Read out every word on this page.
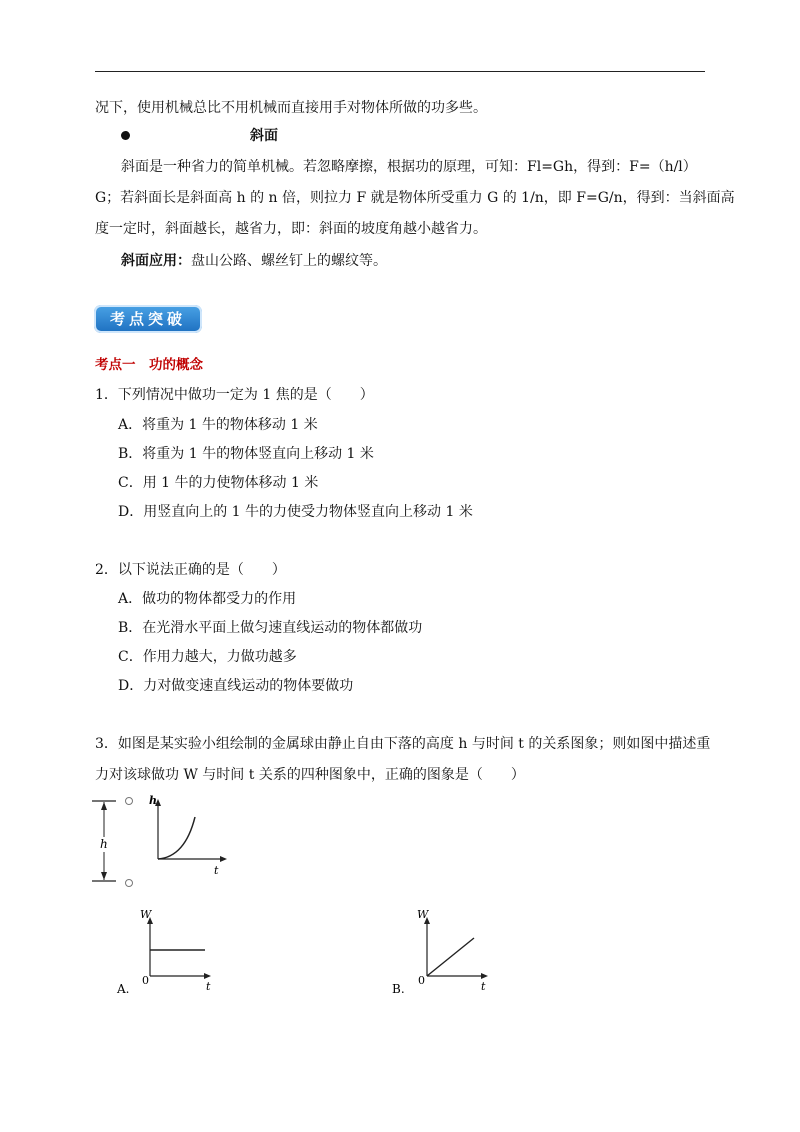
况下，使用机械总比不用机械而直接用手对物体所做的功多些。
斜面
斜面是一种省力的简单机械。若忽略摩擦，根据功的原理，可知：Fl=Gh，得到：F=（h/l）
G；若斜面长是斜面高 h 的 n 倍，则拉力 F 就是物体所受重力 G 的 1/n，即 F=G/n，得到：当斜面高
度一定时，斜面越长，越省力，即：斜面的坡度角越小越省力。
斜面应用：盘山公路、螺丝钉上的螺纹等。
考点突破
考点一　功的概念
1．下列情况中做功一定为 1 焦的是（　　）
A．将重为 1 牛的物体移动 1 米
B．将重为 1 牛的物体竖直向上移动 1 米
C．用 1 牛的力使物体移动 1 米
D．用竖直向上的 1 牛的力使受力物体竖直向上移动 1 米
2．以下说法正确的是（　　）
A．做功的物体都受力的作用
B．在光滑水平面上做匀速直线运动的物体都做功
C．作用力越大，力做功越多
D．力对做变速直线运动的物体要做功
3．如图是某实验小组绘制的金属球由静止自由下落的高度 h 与时间 t 的关系图象；则如图中描述重
力对该球做功 W 与时间 t 关系的四种图象中，正确的图象是（　　）
h
h
t
W
0	t
A.
W
0	t
B.
